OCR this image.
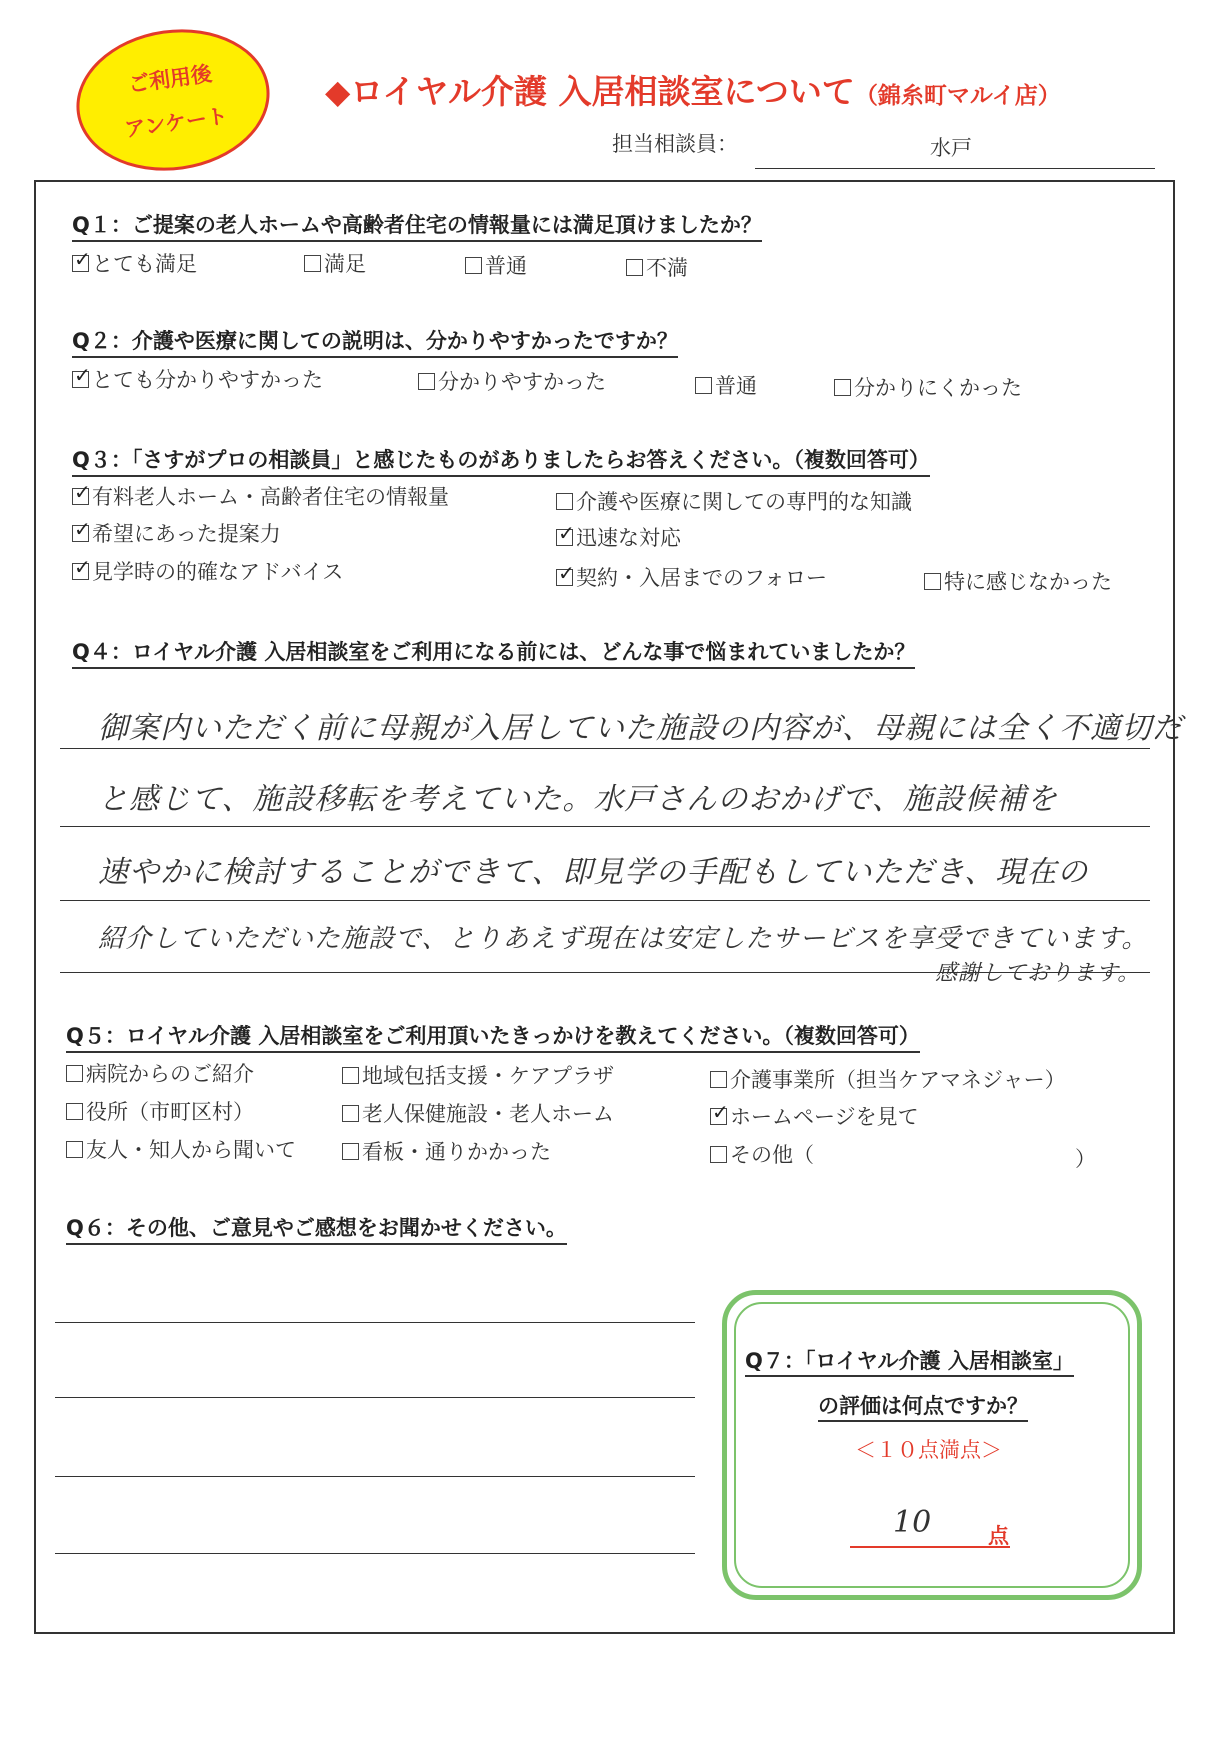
ご利用後
アンケート
◆ロイヤル介護 入居相談室について（錦糸町マルイ店）
担当相談員：	水戸
Q１：ご提案の老人ホームや高齢者住宅の情報量には満足頂けましたか？
✓とても満足	満足	普通	不満
Q２：介護や医療に関しての説明は、分かりやすかったですか？
✓とても分かりやすかった	分かりやすかった	普通	分かりにくかった
Q３：「さすがプロの相談員」と感じたものがありましたらお答えください。（複数回答可）
✓有料老人ホーム・高齢者住宅の情報量	介護や医療に関しての専門的な知識
✓希望にあった提案力 ✓	迅速な対応
✓見学時の的確なアドバイス ✓	契約・入居までのフォロー	特に感じなかった
Q４：ロイヤル介護 入居相談室をご利用になる前には、どんな事で悩まれていましたか？
御案内いただく前に母親が入居していた施設の内容が、母親には全く不適切だ
と感じて、施設移転を考えていた。水戸さんのおかげで、施設候補を
速やかに検討することができて、即見学の手配もしていただき、現在の
紹介していただいた施設で、とりあえず現在は安定したサービスを享受できています。
感謝しております。
Q５：ロイヤル介護 入居相談室をご利用頂いたきっかけを教えてください。（複数回答可）
病院からのご紹介	地域包括支援・ケアプラザ	介護事業所（担当ケアマネジャー）
役所（市町区村）	老人保健施設・老人ホーム ✓	ホームページを見て
友人・知人から聞いて	看板・通りかかった	その他（	）
Q６：その他、ご意見やご感想をお聞かせください。
Q７：「ロイヤル介護 入居相談室」
の評価は何点ですか？
＜１０点満点＞
10	点
